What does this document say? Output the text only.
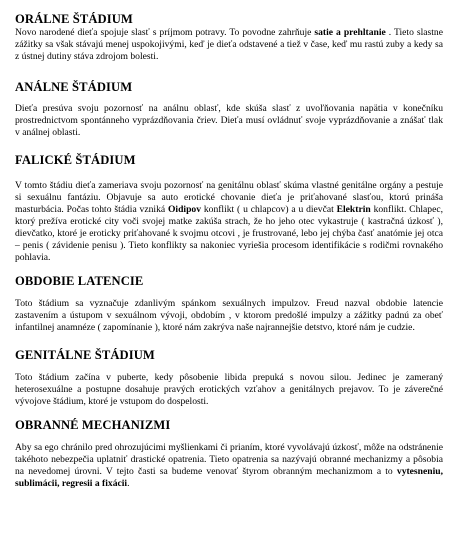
ORÁLNE ŠTÁDIUM

Novo narodené dieťa spojuje slasť s príjmom potravy. To povodne zahrňuje satie a prehltanie . Tieto slastne zážitky sa však stávajú menej uspokojivými, keď je dieťa odstavené a tiež v čase, keď mu rastú zuby a kedy sa z ústnej dutiny stáva zdrojom bolesti.

ANÁLNE ŠTÁDIUM

Dieťa presúva svoju pozornosť na análnu oblasť, kde skúša slasť z uvoľňovania napätia v konečníku prostrednictvom spontánneho vyprázdňovania čriev. Dieťa musí ovládnuť svoje vyprázdňovanie a znášať tlak v análnej oblasti.

FALICKÉ ŠTÁDIUM

V tomto štádiu dieťa zameriava svoju pozornosť na genitálnu oblasť skúma vlastné genitálne orgány a pestuje si sexuálnu fantáziu. Objavuje sa auto erotické chovanie dieťa je priťahované slasťou, ktorú prináša masturbácia. Počas tohto štádia vzniká Oidipov konflikt ( u chlapcov) a u dievčat Elektrin konflikt. Chlapec, ktorý prežíva erotické city voči svojej matke zakúša strach, že ho jeho otec vykastruje ( kastračná úzkosť ), dievčatko, ktoré je eroticky priťahované k svojmu otcovi , je frustrované, lebo jej chýba časť anatómie jej otca – penis ( závidenie penisu ). Tieto konflikty sa nakoniec vyriešia procesom identifikácie s rodičmi rovnakého pohlavia.

OBDOBIE LATENCIE

Toto štádium sa vyznačuje zdanlivým spánkom sexuálnych impulzov. Freud nazval obdobie latencie zastavením a ústupom v sexuálnom vývoji, obdobím , v ktorom predošlé impulzy a zážitky padnú za obeť infantilnej anamnéze ( zapomínanie ), ktoré nám zakrýva naše najrannejšie detstvo, ktoré nám je cudzie.

GENITÁLNE ŠTÁDIUM

Toto štádium začína v puberte, kedy pôsobenie libida prepuká s novou silou. Jedinec je zameraný heterosexuálne a postupne dosahuje pravých erotických vzťahov a genitálnych prejavov. To je záverečné vývojove štádium, ktoré je vstupom do dospelosti.

OBRANNÉ MECHANIZMI

Aby sa ego chránilo pred ohrozujúcimi myšlienkami či prianím, ktoré vyvolávajú úzkosť, môže na odstránenie takéhoto nebezpečia uplatniť drastické opatrenia. Tieto opatrenia sa nazývajú obranné mechanizmy a pôsobia na nevedomej úrovni. V tejto časti sa budeme venovať štyrom obranným mechanizmom a to vytesneniu, sublimácii, regresii a fixácii.
